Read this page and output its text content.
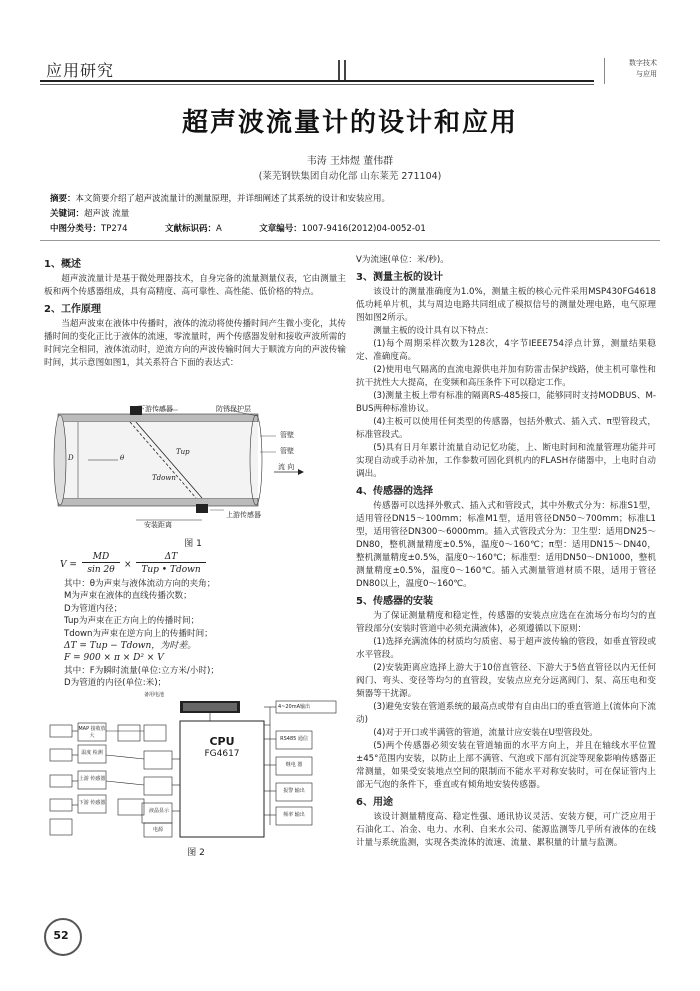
应用研究	数字技术
与应用
超声波流量计的设计和应用
韦涛 王炜煜 董伟群
(莱芜钢铁集团自动化部 山东莱芜 271104)
摘要：本文简要介绍了超声波流量计的测量原理，并详细阐述了其系统的设计和安装应用。
关键词：超声波 流量
中图分类号：TP274	文献标识码：A	文章编号：1007-9416(2012)04-0052-01
1、概述

超声波流量计是基于微处理器技术，自身完备的流量测量仪表，它由测量主板和两个传感器组成，具有高精度、高可靠性、高性能、低价格的特点。

2、工作原理

当超声波束在液体中传播时，液体的流动将使传播时间产生微小变化，其传播时间的变化正比于液体的流速，零流量时，两个传感器发射和接收声波所需的时间完全相同，液体流动时，逆流方向的声波传输时间大于顺流方向的声波传输时间，其示意图如图1，其关系符合下面的表达式：

下游传感器	防锈保护层
管壁
管壁
流 向
上游传感器
安装距离
Tup
Tdown
θ
D
图 1
V =
MD
sin 2θ	×
ΔT
Tup • Tdown
其中：θ为声束与液体流动方向的夹角；
M为声束在液体的直线传播次数；
D为管道内径；
Tup为声束在正方向上的传播时间；
Tdown为声束在逆方向上的传播时间；
ΔT = Tup − Tdown，为时差。
F = 900 × π × D² × V
其中：F为瞬时流量(单位:立方米/小时)；
D为管道的内径(单位:米)；
CPU
FG4617
备用电池
4~20mA输出
MAP 接收放大
温度 检测
上游 传感器
下游 传感器
液晶显示
电源
RS485 通信
继电 器
报警 输出
频率 输出
图 2

V为流速(单位：米/秒)。

3、测量主板的设计

该设计的测量准确度为1.0%，测量主板的核心元件采用MSP430FG4618低功耗单片机，其与周边电路共同组成了模拟信号的测量处理电路，电气原理图如图2所示。

测量主板的设计具有以下特点：

(1)每个周期采样次数为128次，4字节IEEE754浮点计算，测量结果稳定、准确度高。

(2)使用电气隔离的直流电源供电并加有防雷击保护线路，使主机可靠性和抗干扰性大大提高，在变频和高压条件下可以稳定工作。

(3)测量主板上带有标准的隔离RS-485接口，能够同时支持MODBUS、M-BUS两种标准协议。

(4)主板可以使用任何类型的传感器，包括外敷式、插入式、π型管段式，标准管段式。

(5)具有日月年累计流量自动记忆功能，上、断电时间和流量管理功能并可实现自动或手动补加，工作参数可固化到机内的FLASH存储器中，上电时自动调出。

4、传感器的选择

传感器可以选择外敷式、插入式和管段式，其中外敷式分为：标准S1型，适用管径DN15～100mm；标准M1型，适用管径DN50～700mm；标准L1型，适用管径DN300～6000mm。插入式管段式分为：卫生型：适用DN25～DN80，整机测量精度±0.5%，温度0～160℃；π型：适用DN15～DN40，整机测量精度±0.5%，温度0～160℃；标准型：适用DN50～DN1000，整机测量精度±0.5%，温度0～160℃。插入式测量管道材质不限，适用于管径DN80以上，温度0～160℃。

5、传感器的安装

为了保证测量精度和稳定性，传感器的安装点应选在在流场分布均匀的直管段部分(安装时管道中必须充满液体)，必须遵循以下原则：

(1)选择充满流体的材质均匀质密、易于超声波传输的管段，如垂直管段或水平管段。

(2)安装距离应选择上游大于10倍直管径、下游大于5倍直管径以内无任何阀门、弯头、变径等均匀的直管段，安装点应充分远离阀门、泵、高压电和变频器等干扰源。

(3)避免安装在管道系统的最高点或带有自由出口的垂直管道上(流体向下流动)

(4)对于开口或半满管的管道，流量计应安装在U型管段处。

(5)两个传感器必须安装在管道轴面的水平方向上，并且在轴线水平位置±45°范围内安装，以防止上部不满管、气泡或下部有沉淀等现象影响传感器正常测量，如果受安装地点空间的限制而不能水平对称安装时，可在保证管内上部无气泡的条件下，垂直或有倾角地安装传感器。

6、用途

该设计测量精度高、稳定性强、通讯协议灵活、安装方便，可广泛应用于石油化工、冶金、电力、水利、自来水公司、能源监测等几乎所有液体的在线计量与系统监测，实现各类流体的流速、流量、累积量的计量与监测。

52
